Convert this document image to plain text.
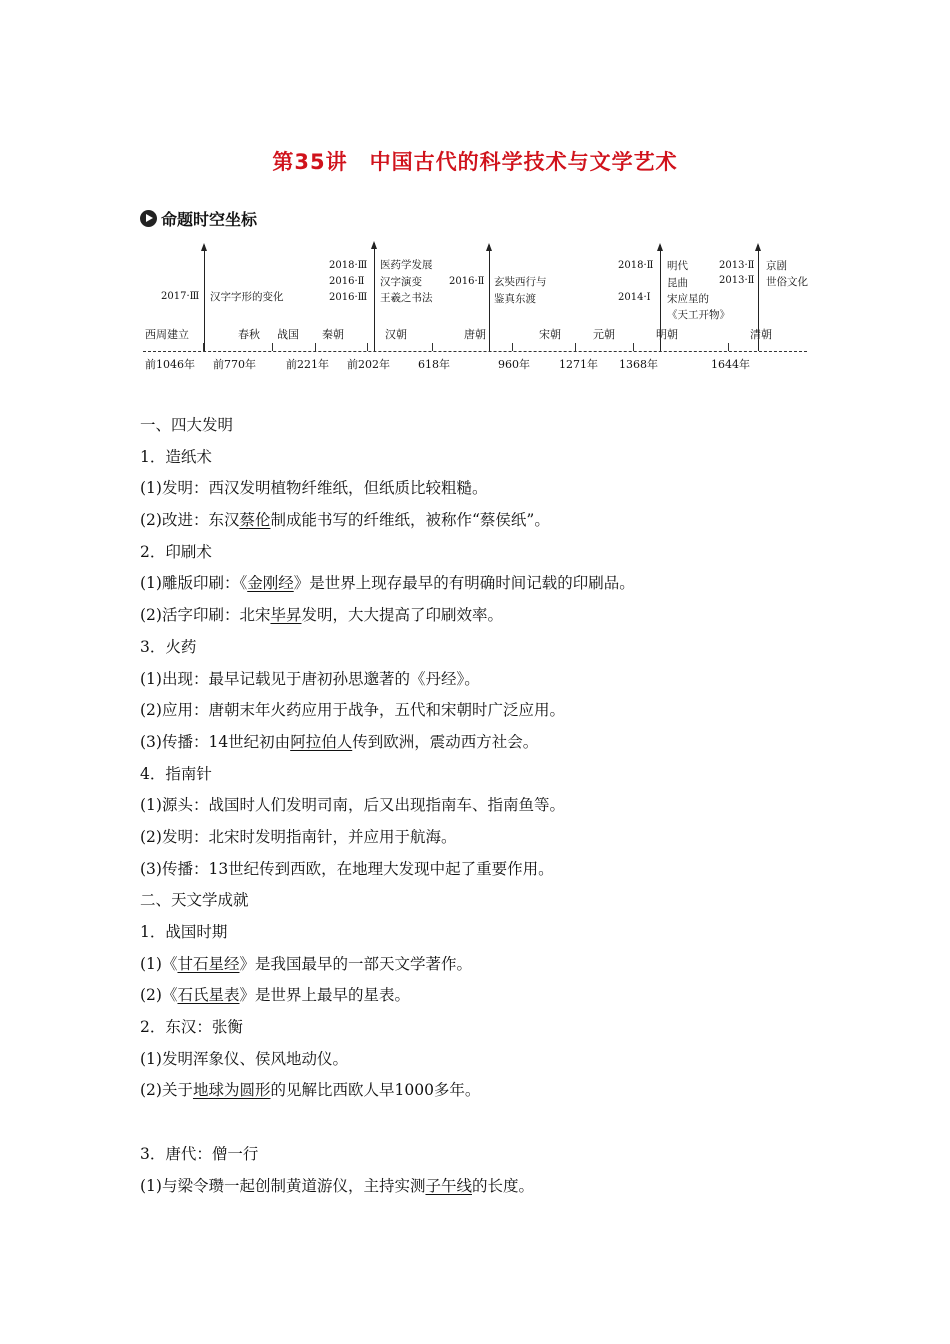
第35讲 中国古代的科学技术与文学艺术
命题时空坐标
西周建立	春秋 战国 秦朝	汉朝	唐朝	宋朝	元朝	明朝	清朝
前1046年 前770年	前221年 前202年	618年	960年	1271年 1368年	1644年
2017·Ⅲ 汉字字形的变化
2018·Ⅲ
2016·Ⅱ
2016·Ⅲ
医药学发展
汉字演变
王羲之书法
2016·Ⅱ 玄奘西行与
鉴真东渡
2018·Ⅱ
2014·Ⅰ
明代
昆曲
宋应星的
《天工开物》
2013·Ⅱ
2013·Ⅱ
京剧
世俗文化
一、四大发明
1．造纸术
(1)发明：西汉发明植物纤维纸，但纸质比较粗糙。
(2)改进：东汉蔡伦制成能书写的纤维纸，被称作“蔡侯纸”。
2．印刷术
(1)雕版印刷：《金刚经》是世界上现存最早的有明确时间记载的印刷品。
(2)活字印刷：北宋毕昇发明，大大提高了印刷效率。
3．火药
(1)出现：最早记载见于唐初孙思邈著的《丹经》。
(2)应用：唐朝末年火药应用于战争，五代和宋朝时广泛应用。
(3)传播：14世纪初由阿拉伯人传到欧洲，震动西方社会。
4．指南针
(1)源头：战国时人们发明司南，后又出现指南车、指南鱼等。
(2)发明：北宋时发明指南针，并应用于航海。
(3)传播：13世纪传到西欧，在地理大发现中起了重要作用。
二、天文学成就
1．战国时期
(1)《甘石星经》是我国最早的一部天文学著作。
(2)《石氏星表》是世界上最早的星表。
2．东汉：张衡
(1)发明浑象仪、侯风地动仪。
(2)关于地球为圆形的见解比西欧人早1000多年。
3．唐代：僧一行
(1)与梁令瓒一起创制黄道游仪，主持实测子午线的长度。
